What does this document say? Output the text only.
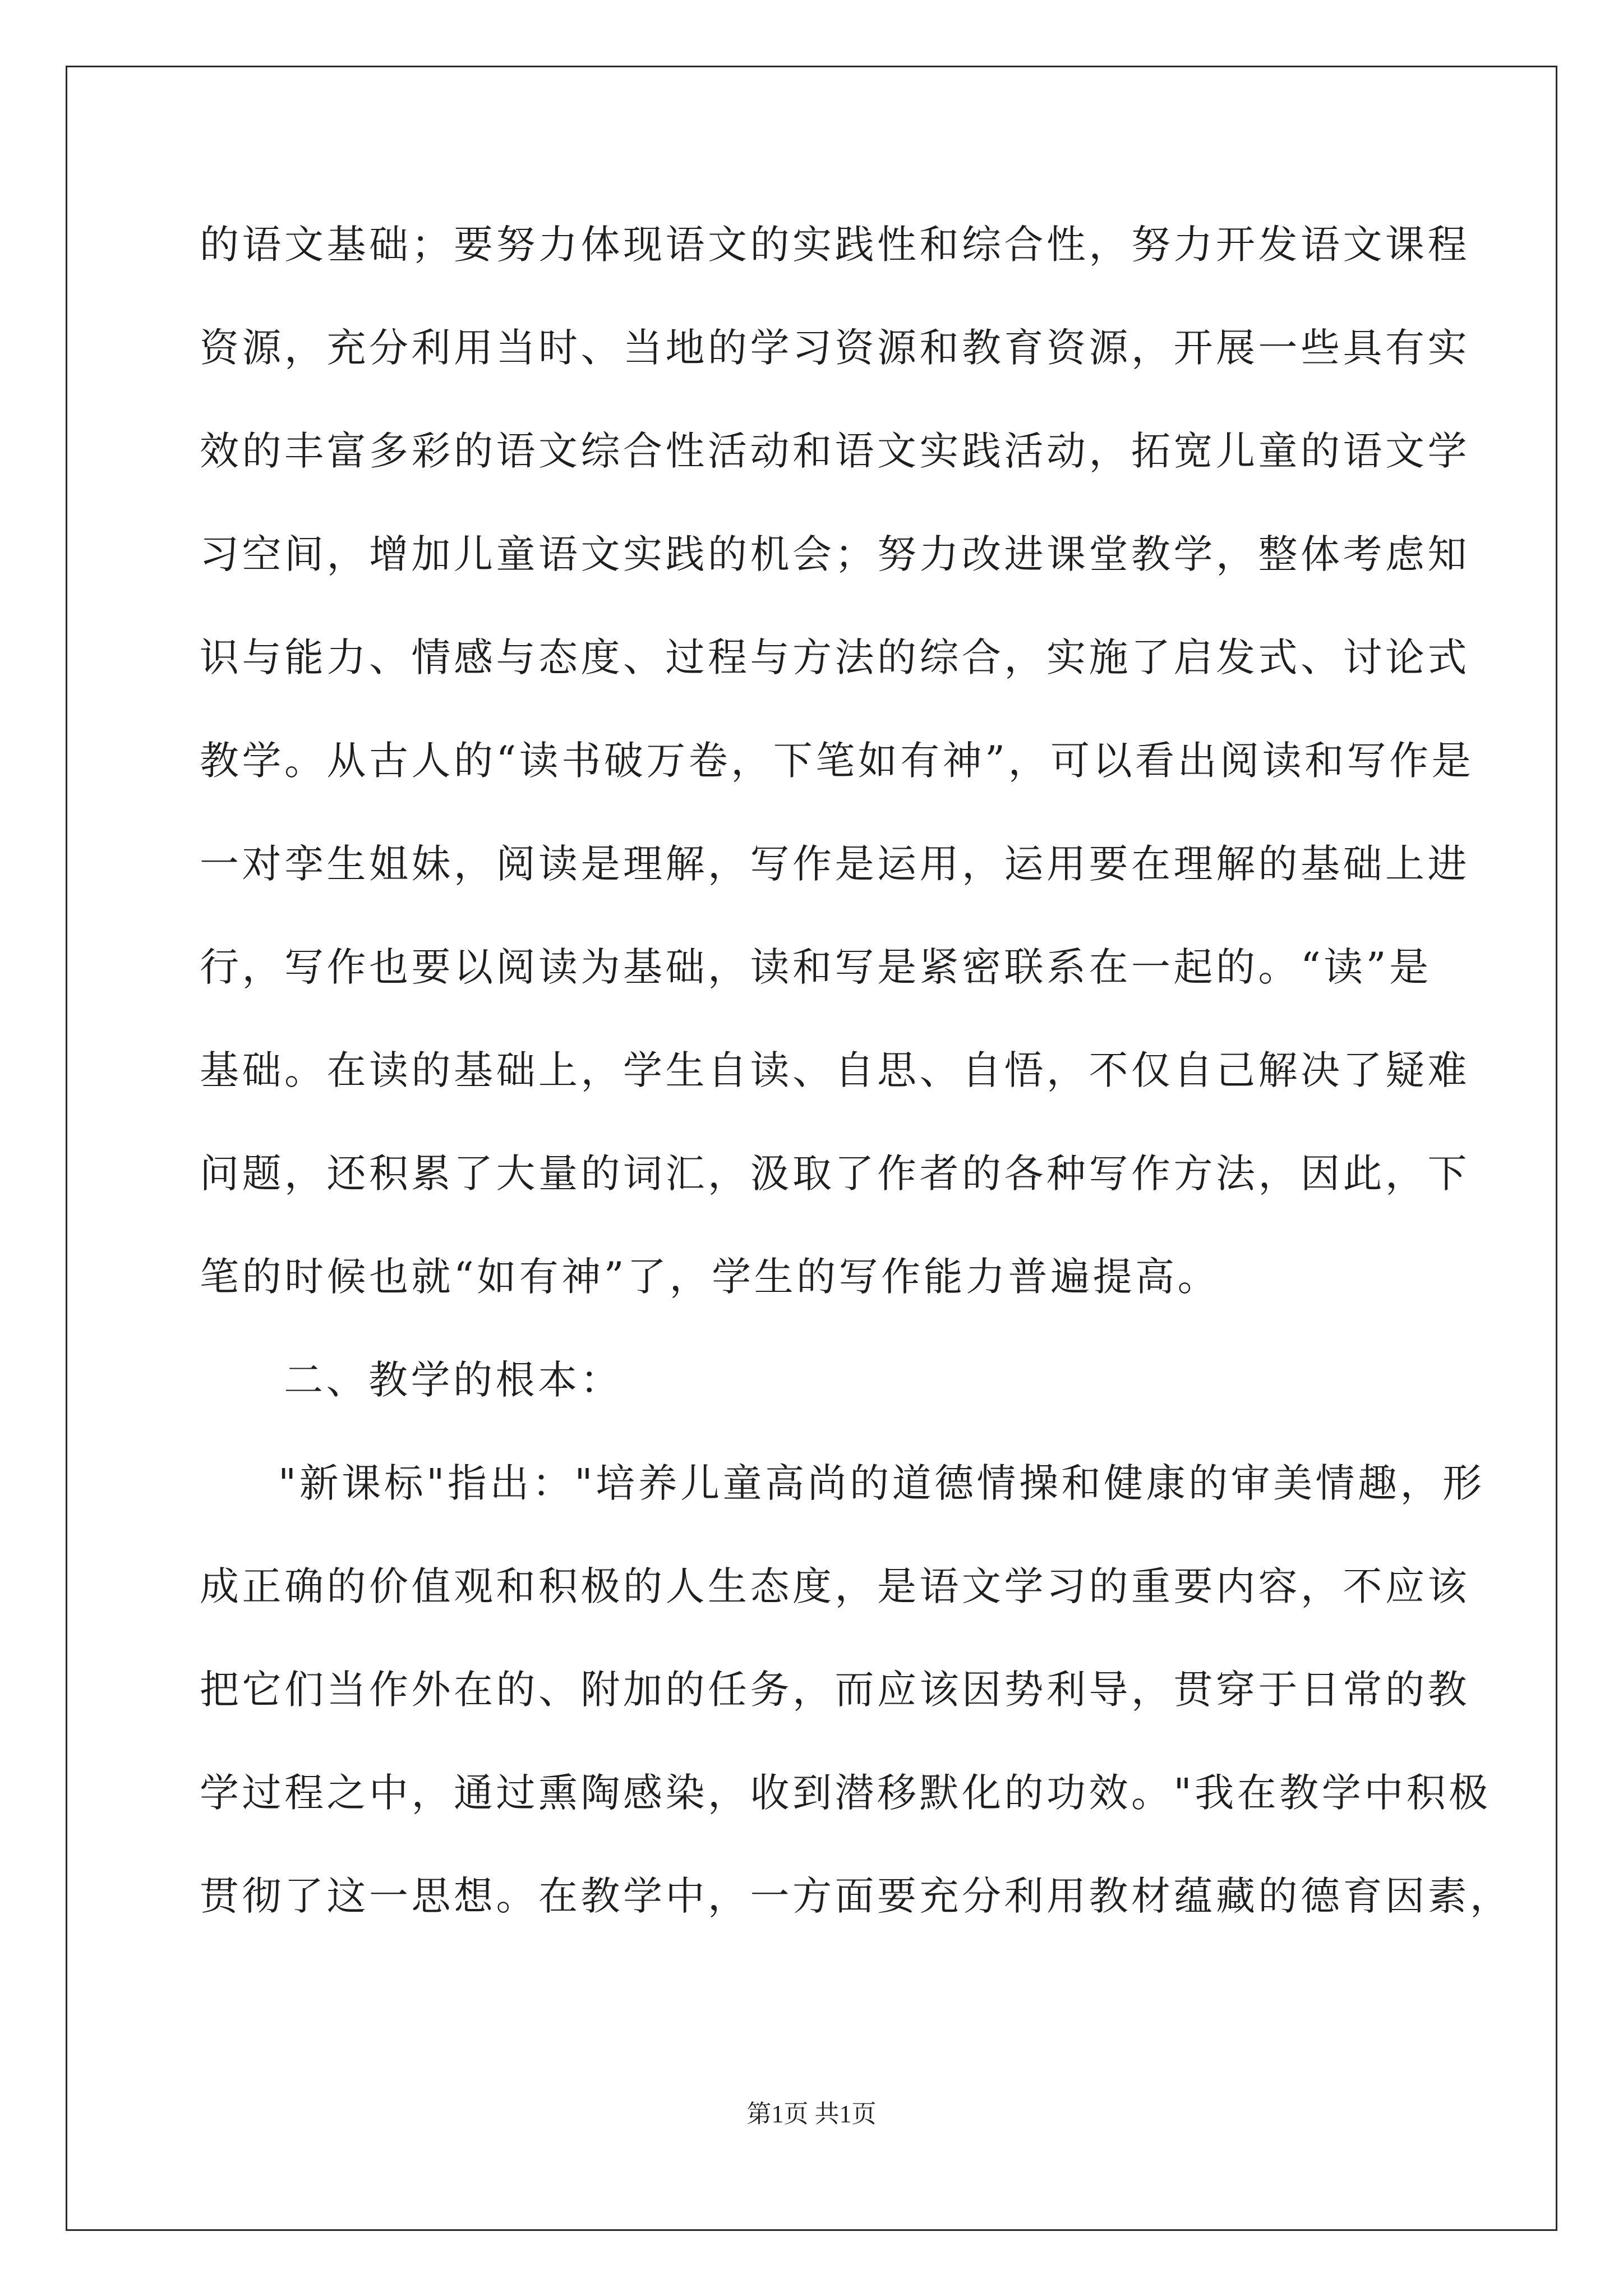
的语文基础；要努力体现语文的实践性和综合性，努力开发语文课程
资源，充分利用当时、当地的学习资源和教育资源，开展一些具有实
效的丰富多彩的语文综合性活动和语文实践活动，拓宽儿童的语文学
习空间，增加儿童语文实践的机会；努力改进课堂教学，整体考虑知
识与能力、情感与态度、过程与方法的综合，实施了启发式、讨论式
教学。从古人的“读书破万卷，下笔如有神”，可以看出阅读和写作是
一对孪生姐妹，阅读是理解，写作是运用，运用要在理解的基础上进
行，写作也要以阅读为基础，读和写是紧密联系在一起的。“读”是
基础。在读的基础上，学生自读、自思、自悟，不仅自己解决了疑难
问题，还积累了大量的词汇，汲取了作者的各种写作方法，因此，下
笔的时候也就“如有神”了，学生的写作能力普遍提高。
二、教学的根本：
"新课标"指出："培养儿童高尚的道德情操和健康的审美情趣，形
成正确的价值观和积极的人生态度，是语文学习的重要内容，不应该
把它们当作外在的、附加的任务，而应该因势利导，贯穿于日常的教
学过程之中，通过熏陶感染，收到潜移默化的功效。"我在教学中积极
贯彻了这一思想。在教学中，一方面要充分利用教材蕴藏的德育因素，
第1页 共1页
